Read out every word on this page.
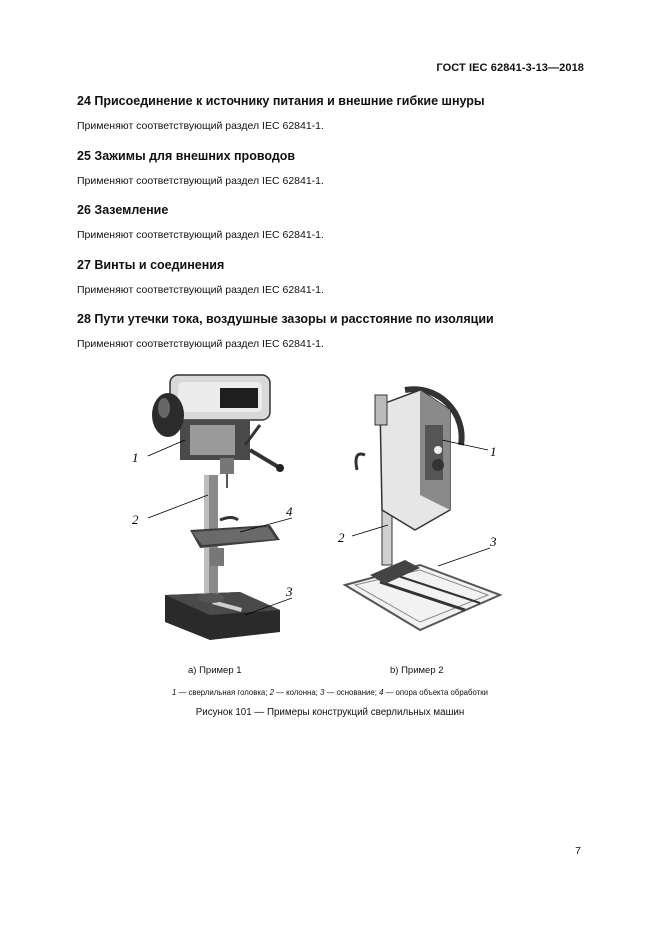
ГОСТ IEC 62841-3-13—2018
24 Присоединение к источнику питания и внешние гибкие шнуры

Применяют соответствующий раздел IEC 62841-1.

25 Зажимы для внешних проводов

Применяют соответствующий раздел IEC 62841-1.

26 Заземление

Применяют соответствующий раздел IEC 62841-1.

27 Винты и соединения

Применяют соответствующий раздел IEC 62841-1.

28 Пути утечки тока, воздушные зазоры и расстояние по изоляции

Применяют соответствующий раздел IEC 62841-1.

1
2
4
3
1
2	3
а) Пример 1	b) Пример 2
1 — сверлильная головка; 2 — колонна; 3 — основание; 4 — опора объекта обработки
Рисунок 101 — Примеры конструкций сверлильных машин
7
